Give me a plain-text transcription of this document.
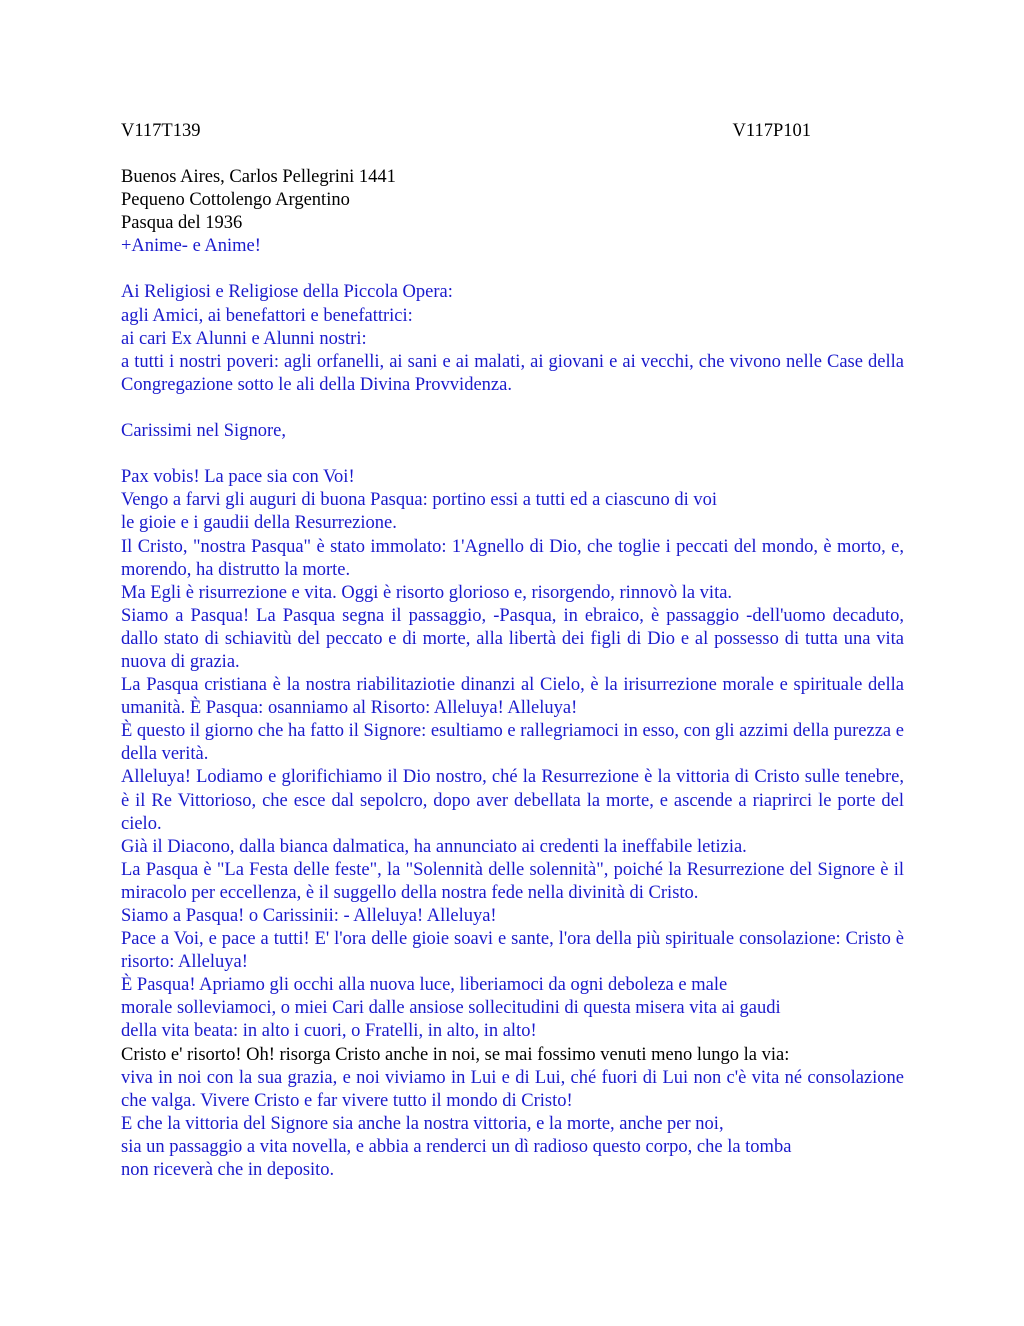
V117T139	V117P101
Buenos Aires, Carlos Pellegrini 1441
Pequeno Cottolengo Argentino
Pasqua del 1936
+Anime- e Anime!
Ai Religiosi e Religiose della Piccola Opera:
agli Amici, ai benefattori e benefattrici:
ai cari Ex Alunni e Alunni nostri:
a tutti i nostri poveri: agli orfanelli, ai sani e ai malati, ai giovani e ai vecchi, che vivono nelle Case della Congregazione sotto le ali della Divina Provvidenza.
Carissimi nel Signore,
Pax vobis! La pace sia con Voi!
Vengo a farvi gli auguri di buona Pasqua: portino essi a tutti ed a ciascuno di voi
le gioie e i gaudii della Resurrezione.
Il Cristo, "nostra Pasqua" è stato immolato: 1'Agnello di Dio, che toglie i peccati del mondo, è morto, e, morendo, ha distrutto la morte.
Ma Egli è risurrezione e vita. Oggi è risorto glorioso e, risorgendo, rinnovò la vita.
Siamo a Pasqua! La Pasqua segna il passaggio, -Pasqua, in ebraico, è passaggio -dell'uomo decaduto, dallo stato di schiavitù del peccato e di morte, alla libertà dei figli di Dio e al possesso di tutta una vita nuova di grazia.
La Pasqua cristiana è la nostra riabilitaziotie dinanzi al Cielo, è la irisurrezione morale e spirituale della umanità. È Pasqua: osanniamo al Risorto: Alleluya! Alleluya!
È questo il giorno che ha fatto il Signore: esultiamo e rallegriamoci in esso, con gli azzimi della purezza e della verità.
Alleluya! Lodiamo e glorifichiamo il Dio nostro, ché la Resurrezione è la vittoria di Cristo sulle tenebre, è il Re Vittorioso, che esce dal sepolcro, dopo aver debellata la morte, e ascende a riaprirci le porte del cielo.
Già il Diacono, dalla bianca dalmatica, ha annunciato ai credenti la ineffabile letizia.
La Pasqua è "La Festa delle feste", la "Solennità delle solennità", poiché la Resurrezione del Signore è il miracolo per eccellenza, è il suggello della nostra fede nella divinità di Cristo.
Siamo a Pasqua! o Carissinii: - Alleluya! Alleluya!
Pace a Voi, e pace a tutti! E' l'ora delle gioie soavi e sante, l'ora della più spirituale consolazione: Cristo è risorto: Alleluya!
È Pasqua! Apriamo gli occhi alla nuova luce, liberiamoci da ogni deboleza e male
morale solleviamoci, o miei Cari dalle ansiose sollecitudini di questa misera vita ai gaudi
della vita beata: in alto i cuori, o Fratelli, in alto, in alto!
Cristo e' risorto! Oh! risorga Cristo anche in noi, se mai fossimo venuti meno lungo la via:
viva in noi con la sua grazia, e noi viviamo in Lui e di Lui, ché fuori di Lui non c'è vita né consolazione che valga. Vivere Cristo e far vivere tutto il mondo di Cristo!
E che la vittoria del Signore sia anche la nostra vittoria, e la morte, anche per noi,
sia un passaggio a vita novella, e abbia a renderci un dì radioso questo corpo, che la tomba
non riceverà che in deposito.
